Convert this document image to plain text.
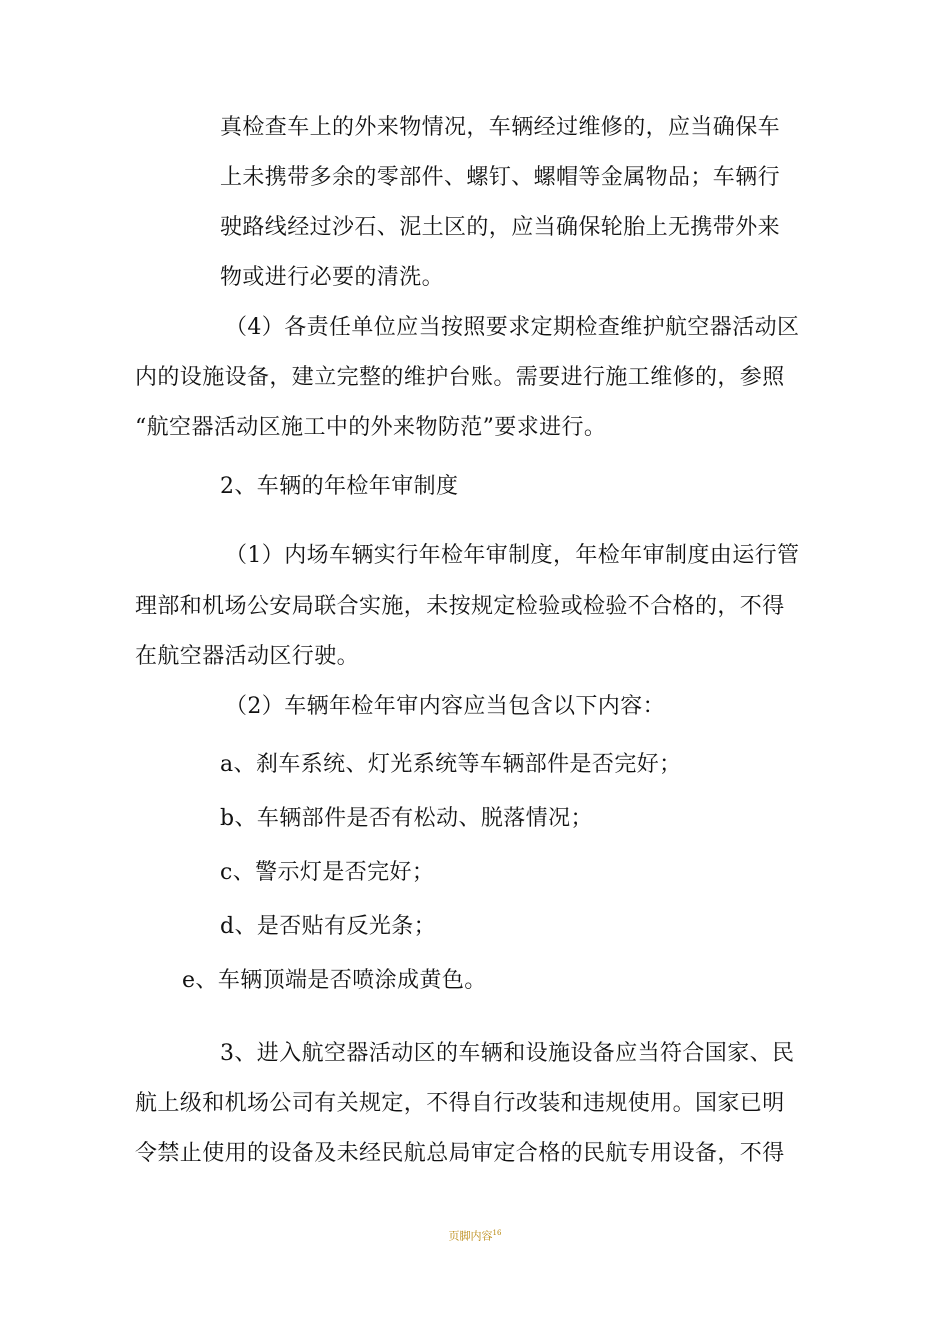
真检查车上的外来物情况，车辆经过维修的，应当确保车
上未携带多余的零部件、螺钉、螺帽等金属物品；车辆行
驶路线经过沙石、泥土区的，应当确保轮胎上无携带外来
物或进行必要的清洗。
（4）各责任单位应当按照要求定期检查维护航空器活动区
内的设施设备，建立完整的维护台账。需要进行施工维修的，参照
“航空器活动区施工中的外来物防范”要求进行。
2、车辆的年检年审制度
（1）内场车辆实行年检年审制度，年检年审制度由运行管
理部和机场公安局联合实施，未按规定检验或检验不合格的，不得
在航空器活动区行驶。
（2）车辆年检年审内容应当包含以下内容：
a、刹车系统、灯光系统等车辆部件是否完好；
b、车辆部件是否有松动、脱落情况；
c、警示灯是否完好；
d、是否贴有反光条；
e、车辆顶端是否喷涂成黄色。
3、进入航空器活动区的车辆和设施设备应当符合国家、民
航上级和机场公司有关规定，不得自行改装和违规使用。国家已明
令禁止使用的设备及未经民航总局审定合格的民航专用设备，不得
页脚内容$^{16}$
